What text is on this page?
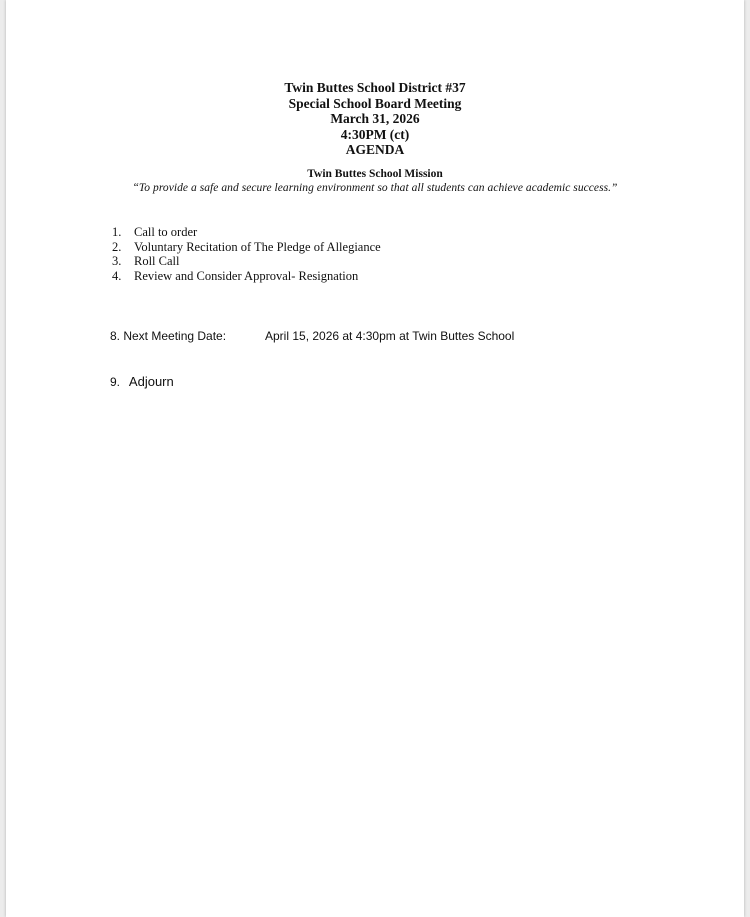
Twin Buttes School District #37
Special School Board Meeting
March 31, 2026
4:30PM (ct)
AGENDA
Twin Buttes School Mission
“To provide a safe and secure learning environment so that all students can achieve academic success.”
1.	Call to order
2.	Voluntary Recitation of The Pledge of Allegiance
3.	Roll Call
4.	Review and Consider Approval- Resignation
8. Next Meeting Date:	April 15, 2026 at 4:30pm at Twin Buttes School
9. Adjourn
